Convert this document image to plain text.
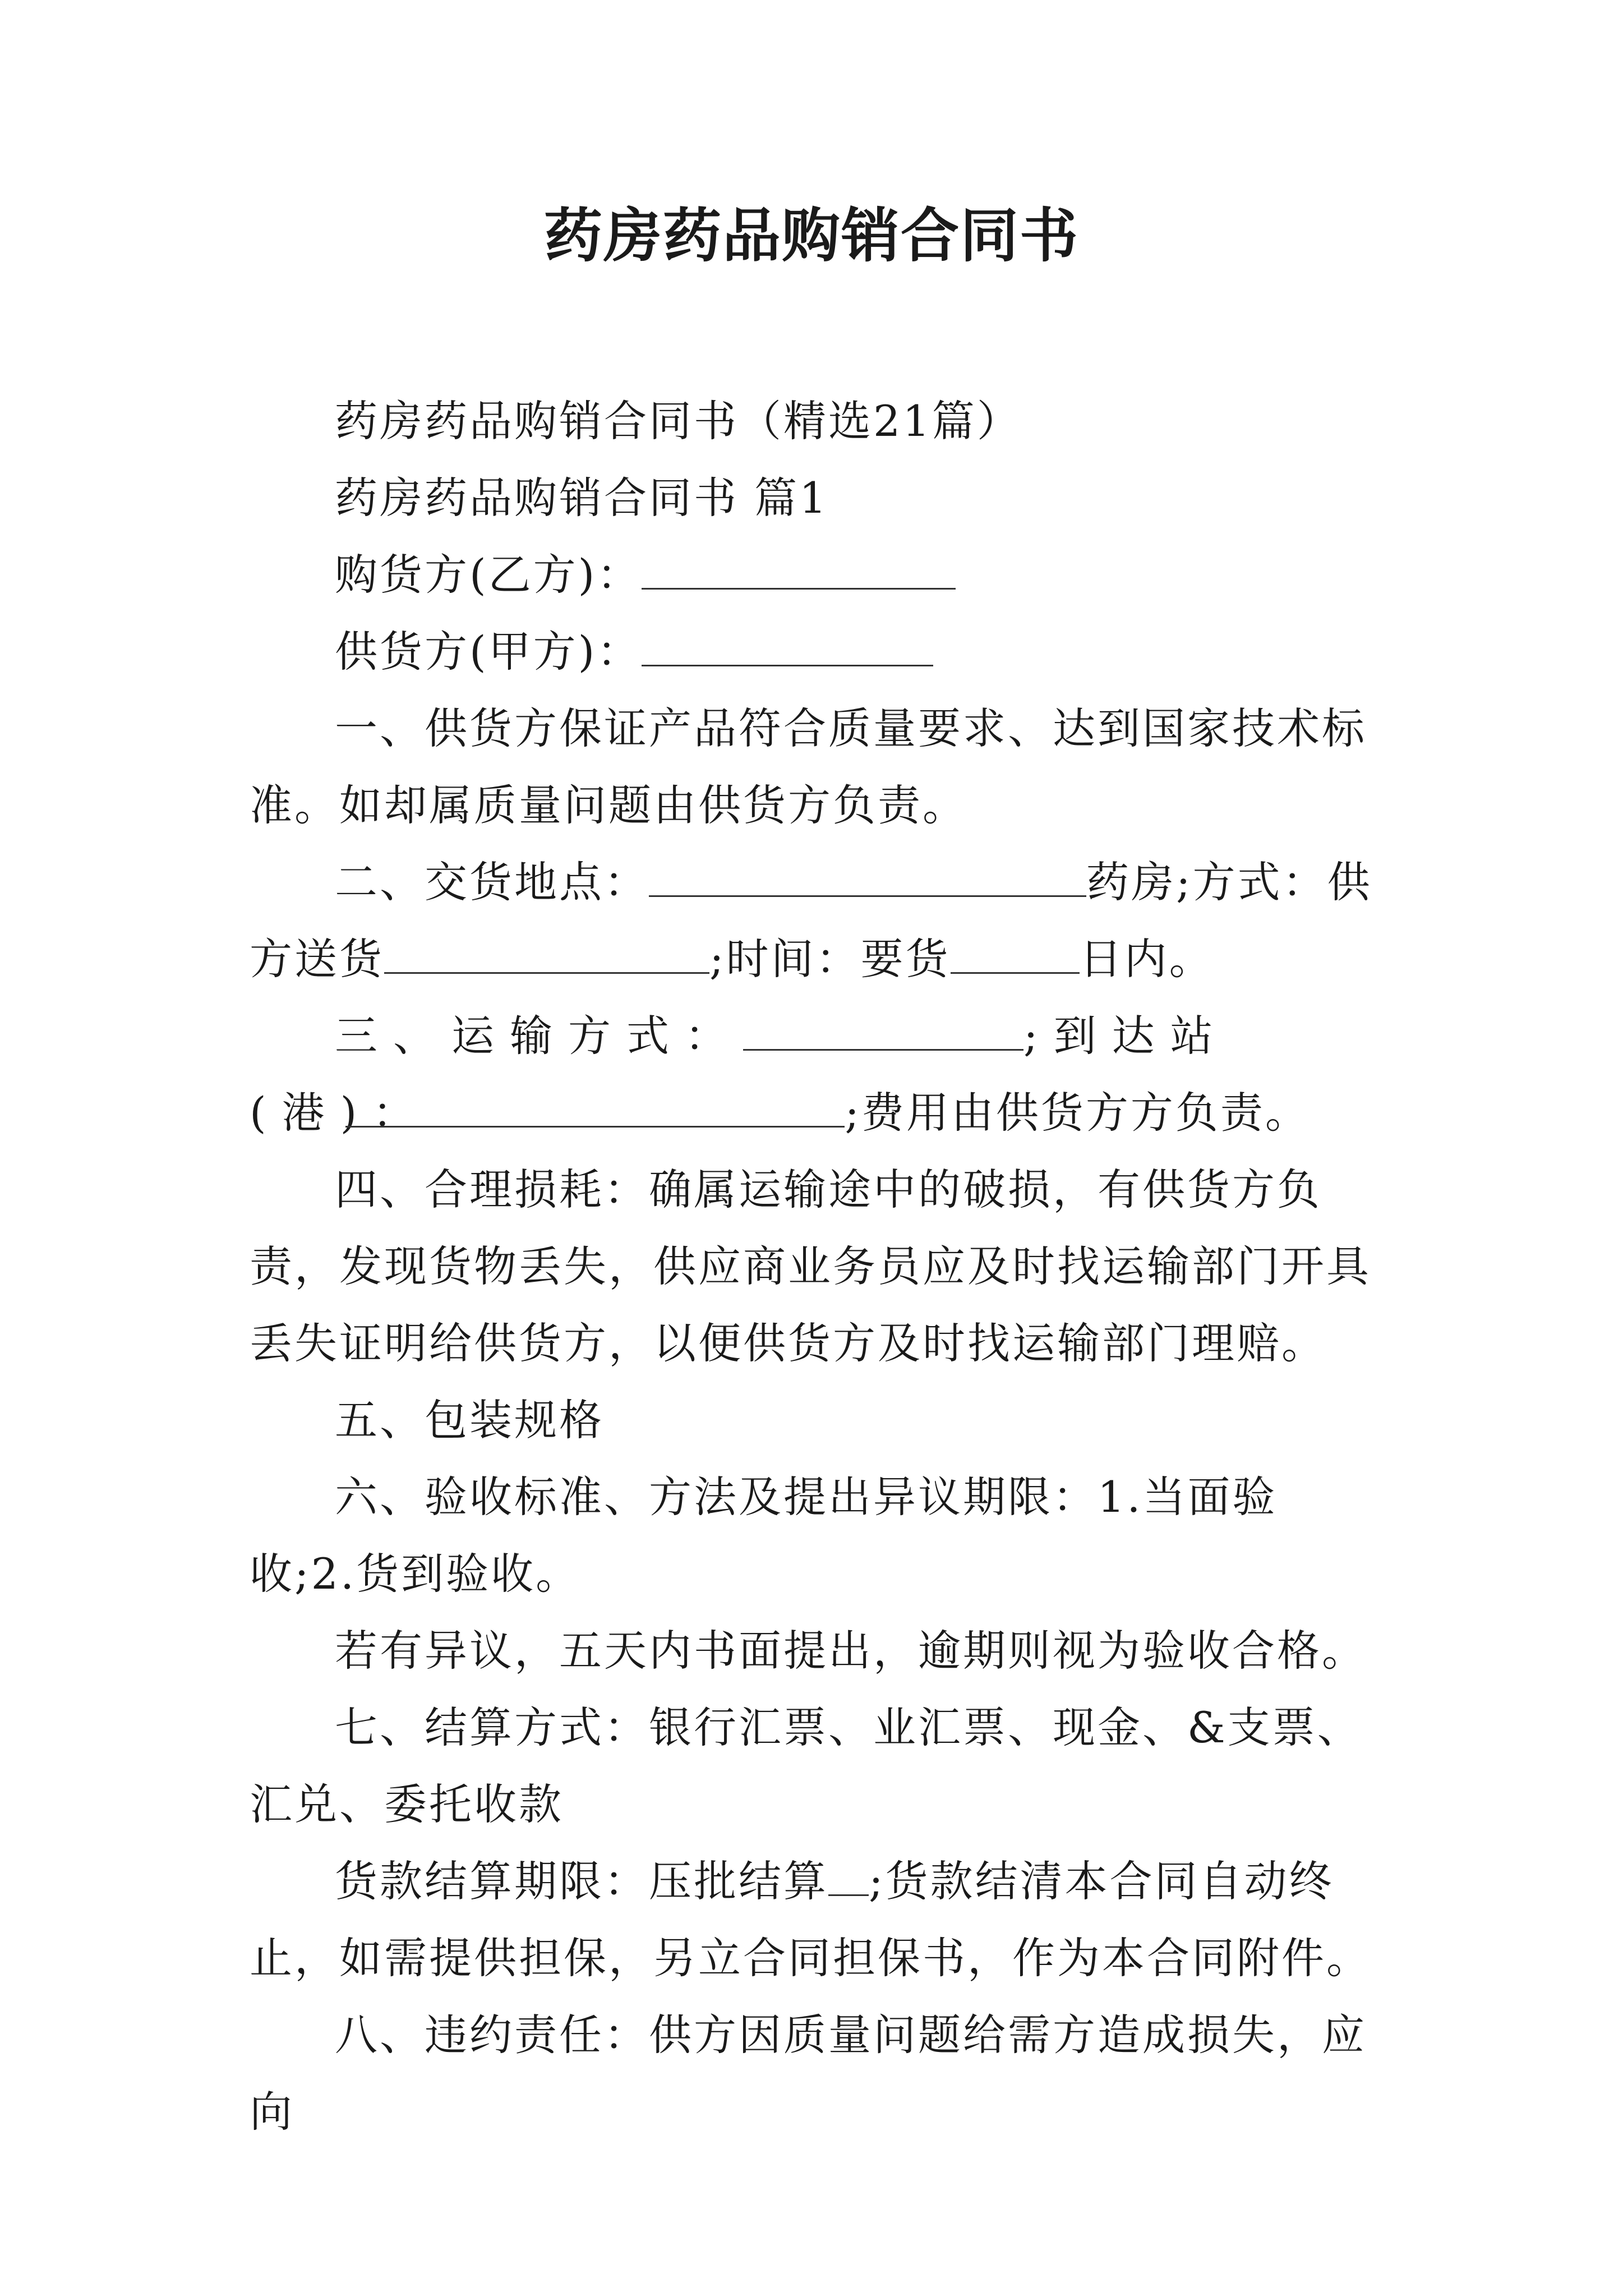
药房药品购销合同书

药房药品购销合同书（精选21篇）

药房药品购销合同书 篇1

购货方(乙方)：

供货方(甲方)：

一、供货方保证产品符合质量要求、达到国家技术标准。如却属质量问题由供货方负责。

二、交货地点：	药房;方式：供方送货	;时间：要货	日内。

三、运输方式：	;到达站(港)：	;费用由供货方方负责。

四、合理损耗：确属运输途中的破损，有供货方负责，发现货物丢失，供应商业务员应及时找运输部门开具丢失证明给供货方，以便供货方及时找运输部门理赔。

五、包装规格

六、验收标准、方法及提出异议期限：1.当面验收;2.货到验收。

若有异议，五天内书面提出，逾期则视为验收合格。

七、结算方式：银行汇票、业汇票、现金、&支票、汇兑、委托收款

货款结算期限：压批结算 ;货款结清本合同自动终止，如需提供担保，另立合同担保书，作为本合同附件。

八、违约责任：供方因质量问题给需方造成损失，应向
